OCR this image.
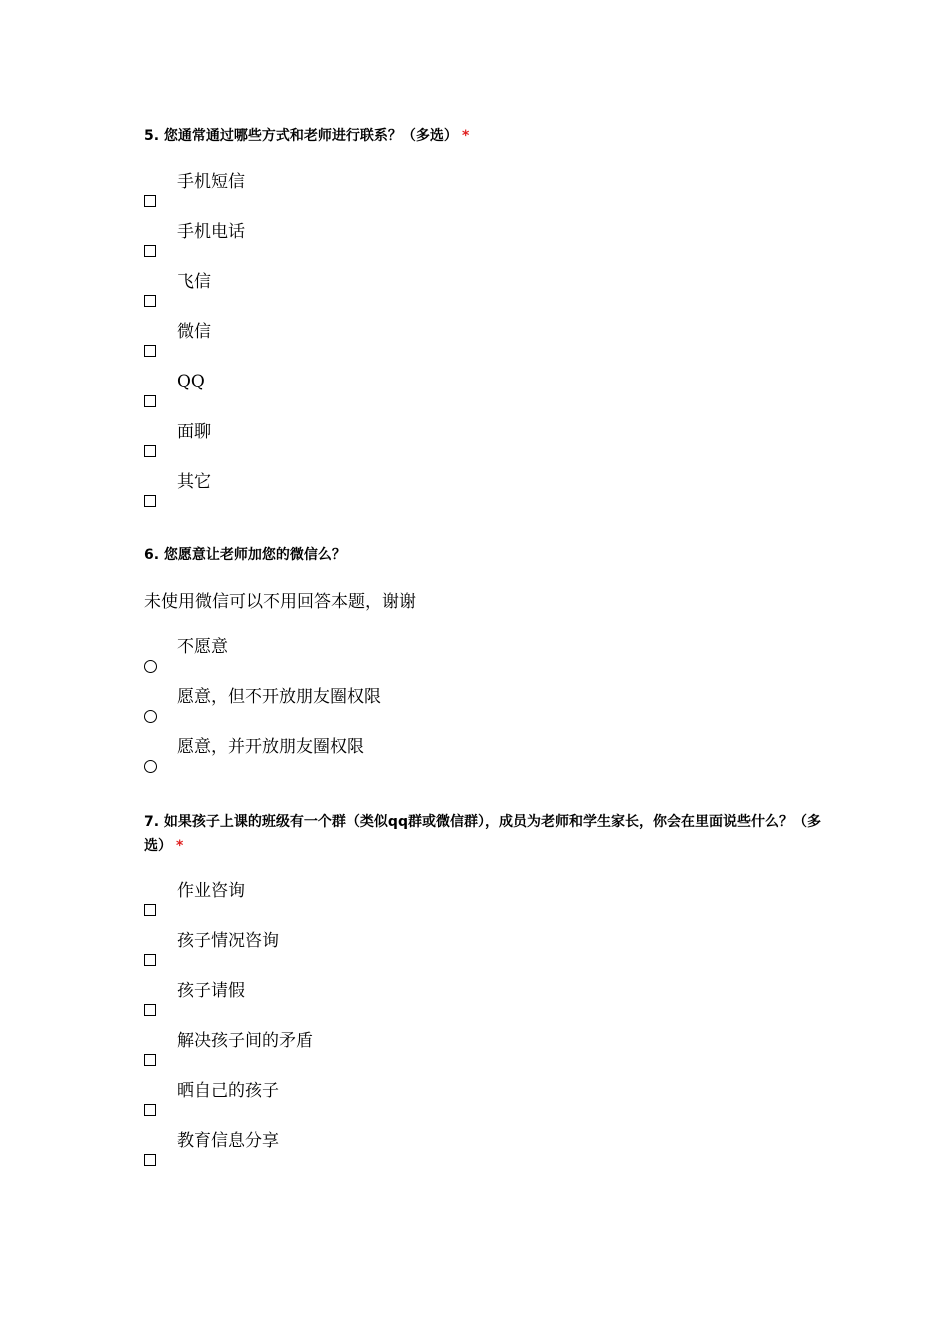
5. 您通常通过哪些方式和老师进行联系？（多选） *
手机短信
手机电话
飞信
微信
QQ
面聊
其它
6. 您愿意让老师加您的微信么？
未使用微信可以不用回答本题，谢谢
不愿意
愿意，但不开放朋友圈权限
愿意，并开放朋友圈权限
7. 如果孩子上课的班级有一个群（类似qq群或微信群），成员为老师和学生家长，你会在里面说些什么？（多选） *
作业咨询
孩子情况咨询
孩子请假
解决孩子间的矛盾
晒自己的孩子
教育信息分享
